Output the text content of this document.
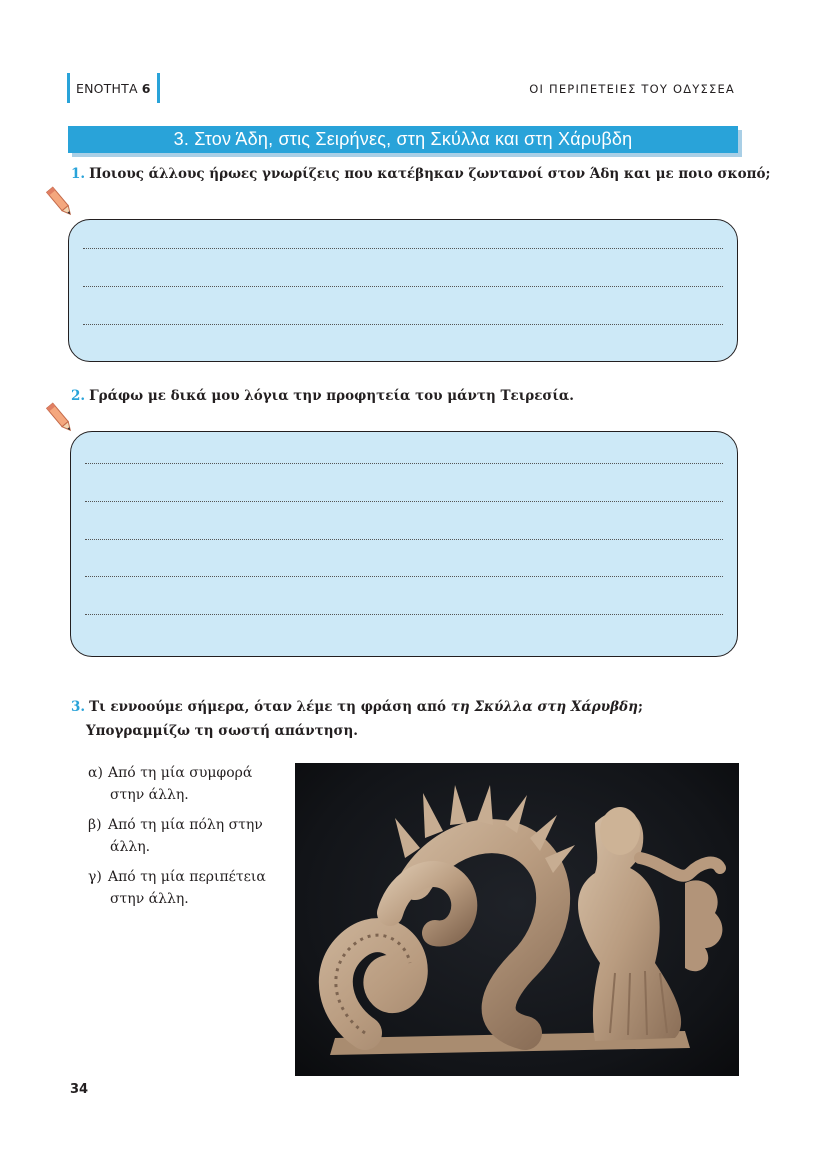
ΕΝΟΤΗΤΑ 6	ΟΙ ΠΕΡΙΠΕΤΕΙΕΣ ΤΟΥ ΟΔΥΣΣΕΑ
3. Στον Άδη, στις Σειρήνες, στη Σκύλλα και στη Χάρυβδη
1. Ποιους άλλους ήρωες γνωρίζεις που κατέβηκαν ζωντανοί στον Άδη και με ποιο σκοπό;
2. Γράφω με δικά μου λόγια την προφητεία του μάντη Τειρεσία.
3. Τι εννοούμε σήμερα, όταν λέμε τη φράση από τη Σκύλλα στη Χάρυβδη;
Υπογραμμίζω τη σωστή απάντηση.
α) Από τη μία συμφορά
στην άλλη.
β) Από τη μία πόλη στην
άλλη.
γ) Από τη μία περιπέτεια
στην άλλη.
34
